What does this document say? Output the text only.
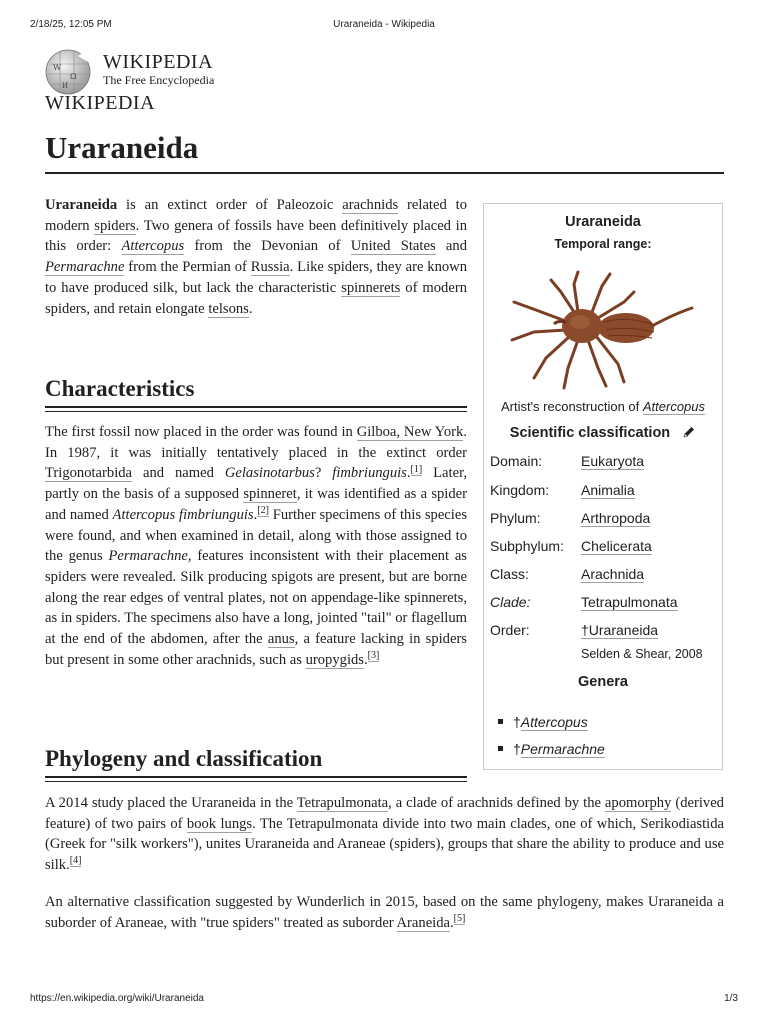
2/18/25, 12:05 PM	Uraraneida - Wikipedia
W
Ω
И
WIKIPEDIA
The Free Encyclopedia
WIKIPEDIA
Uraraneida

Uraraneida is an extinct order of Paleozoic arachnids related to modern spiders. Two genera of fossils have been definitively placed in this order: Attercopus from the Devonian of United States and Permarachne from the Permian of Russia. Like spiders, they are known to have produced silk, but lack the characteristic spinnerets of modern spiders, and retain elongate telsons.

Characteristics

The first fossil now placed in the order was found in Gilboa, New York. In 1987, it was initially tentatively placed in the extinct order Trigonotarbida and named Gelasinotarbus? fimbriunguis.[1] Later, partly on the basis of a supposed spinneret, it was identified as a spider and named Attercopus fimbriunguis.[2] Further specimens of this species were found, and when examined in detail, along with those assigned to the genus Permarachne, features inconsistent with their placement as spiders were revealed. Silk producing spigots are present, but are borne along the rear edges of ventral plates, not on appendage-like spinnerets, as in spiders. The specimens also have a long, jointed "tail" or flagellum at the end of the abdomen, after the anus, a feature lacking in spiders but present in some other arachnids, such as uropygids.[3]

Phylogeny and classification

A 2014 study placed the Uraraneida in the Tetrapulmonata, a clade of arachnids defined by the apomorphy (derived feature) of two pairs of book lungs. The Tetrapulmonata divide into two main clades, one of which, Serikodiastida (Greek for "silk workers"), unites Uraraneida and Araneae (spiders), groups that share the ability to produce and use silk.[4]

An alternative classification suggested by Wunderlich in 2015, based on the same phylogeny, makes Uraraneida a suborder of Araneae, with "true spiders" treated as suborder Araneida.[5]

Uraraneida
Temporal range:
Artist's reconstruction of Attercopus
Scientific classification
Domain:	Eukaryota
Kingdom: Animalia
Phylum:	Arthropoda
Subphylum: Chelicerata
Class:	Arachnida
Clade:	Tetrapulmonata
Order:	†Uraraneida
Selden & Shear, 2008
Genera
†Attercopus
†Permarachne
https://en.wikipedia.org/wiki/Uraraneida	1/3
